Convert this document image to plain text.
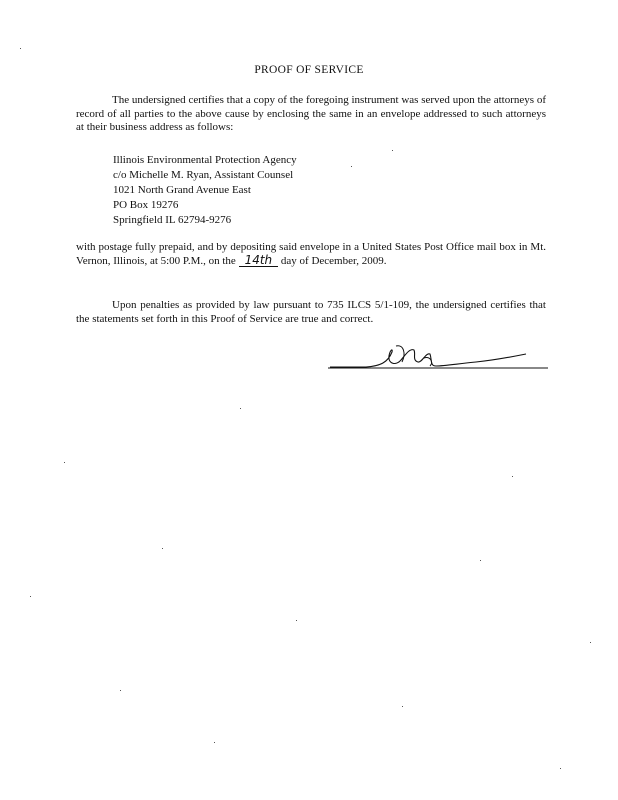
PROOF OF SERVICE
The undersigned certifies that a copy of the foregoing instrument was served upon the attorneys of record of all parties to the above cause by enclosing the same in an envelope addressed to such attorneys at their business address as follows:
Illinois Environmental Protection Agency
c/o Michelle M. Ryan, Assistant Counsel
1021 North Grand Avenue East
PO Box 19276
Springfield IL 62794-9276
with postage fully prepaid, and by depositing said envelope in a United States Post Office mail box in Mt. Vernon, Illinois, at 5:00 P.M., on the 14th day of December, 2009.
Upon penalties as provided by law pursuant to 735 ILCS 5/1-109, the undersigned certifies that the statements set forth in this Proof of Service are true and correct.
